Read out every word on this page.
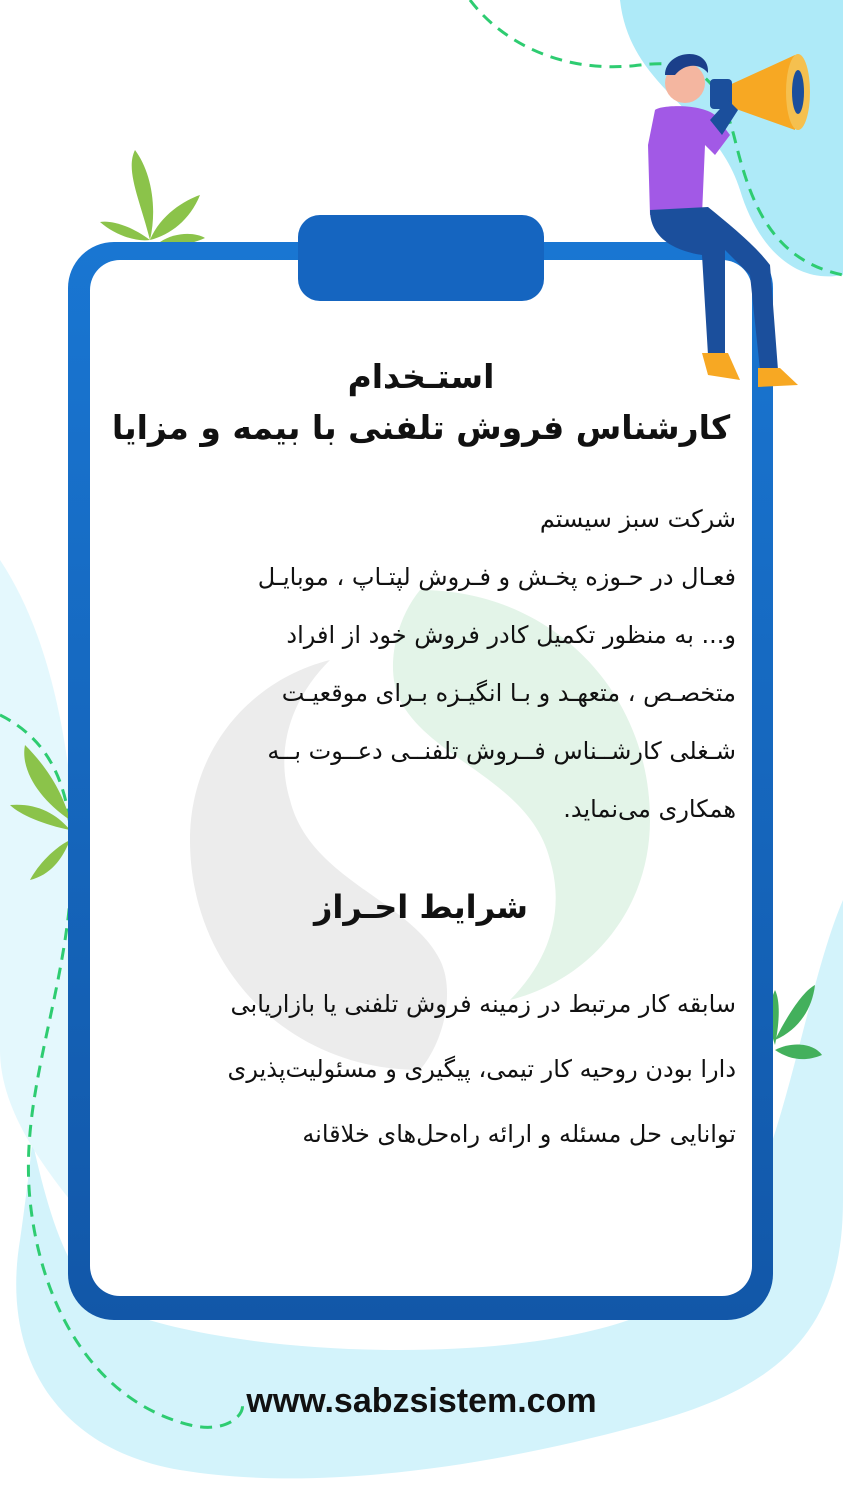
استـخدام
کارشناس فروش تلفنی با بیمه و مزایا
شرکت سبز سیستم
فعـال در حـوزه پخـش و فـروش لپتـاپ ، موبایـل
و... به منظور تکمیل کادر فروش خود از افراد
متخصـص ، متعهـد و بـا انگیـزه بـرای موقعیـت
شـغلی کارشــناس فــروش تلفنــی دعــوت بــه
همکاری می‌نماید.
شرایط احـراز
سابقه کار مرتبط در زمینه فروش تلفنی یا بازاریابی
دارا بودن روحیه کار تیمی، پیگیری و مسئولیت‌پذیری
توانایی حل مسئله و ارائه راه‌حل‌های خلاقانه
www.sabzsistem.com
